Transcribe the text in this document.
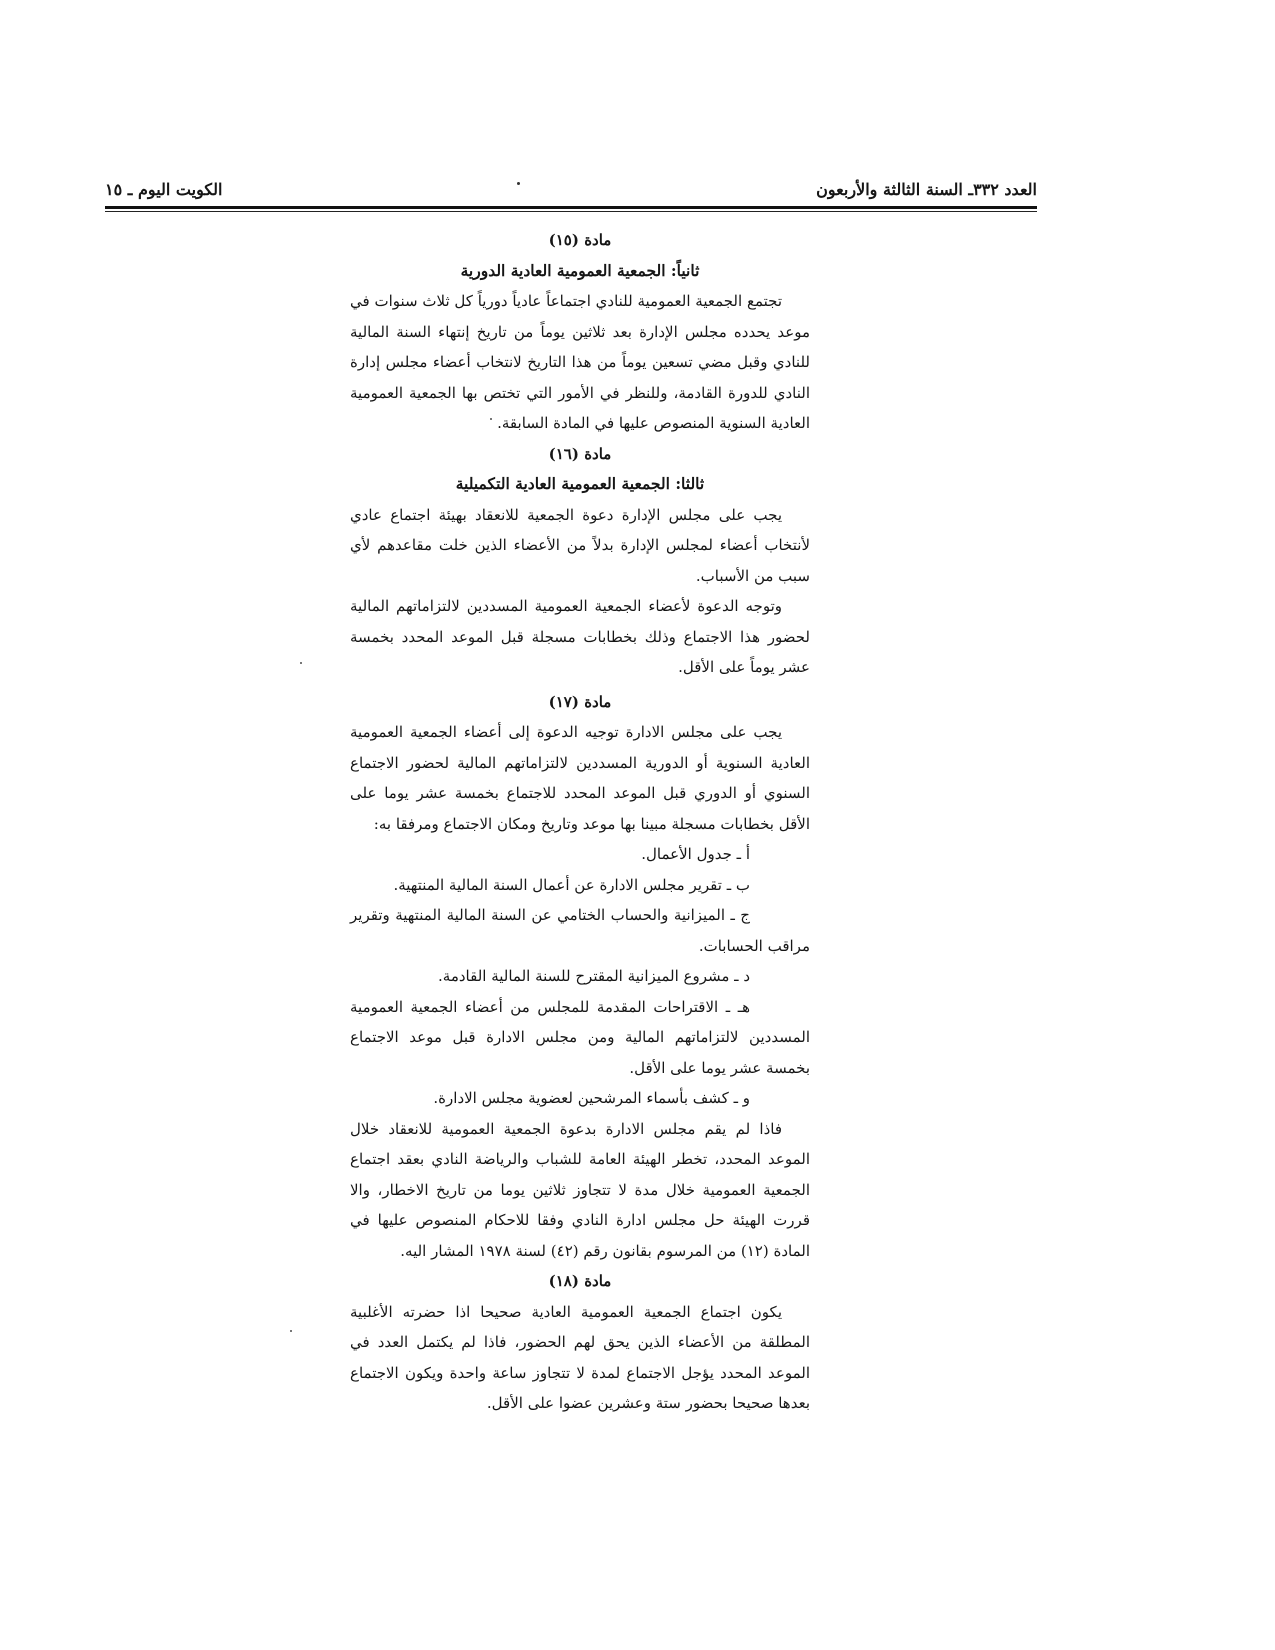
العدد ٣٣٢ـ السنة الثالثة والأربعون
الكويت اليوم ـ ١٥
مادة (١٥)
ثانياً: الجمعية العمومية العادية الدورية

تجتمع الجمعية العمومية للنادي اجتماعاً عادياً دورياً كل ثلاث سنوات في موعد يحدده مجلس الإدارة بعد ثلاثين يوماً من تاريخ إنتهاء السنة المالية للنادي وقبل مضي تسعين يوماً من هذا التاريخ لانتخاب أعضاء مجلس إدارة النادي للدورة القادمة، وللنظر في الأمور التي تختص بها الجمعية العمومية العادية السنوية المنصوص عليها في المادة السابقة.

مادة (١٦)
ثالثا: الجمعية العمومية العادية التكميلية

يجب على مجلس الإدارة دعوة الجمعية للانعقاد بهيئة اجتماع عادي لأنتخاب أعضاء لمجلس الإدارة بدلاً من الأعضاء الذين خلت مقاعدهم لأي سبب من الأسباب.

وتوجه الدعوة لأعضاء الجمعية العمومية المسددين لالتزاماتهم المالية لحضور هذا الاجتماع وذلك بخطابات مسجلة قبل الموعد المحدد بخمسة عشر يوماً على الأقل.

مادة (١٧)

يجب على مجلس الادارة توجيه الدعوة إلى أعضاء الجمعية العمومية العادية السنوية أو الدورية المسددين لالتزاماتهم المالية لحضور الاجتماع السنوي أو الدوري قبل الموعد المحدد للاجتماع بخمسة عشر يوما على الأقل بخطابات مسجلة مبينا بها موعد وتاريخ ومكان الاجتماع ومرفقا به:

أ ـ جدول الأعمال.

ب ـ تقرير مجلس الادارة عن أعمال السنة المالية المنتهية.

ج ـ الميزانية والحساب الختامي عن السنة المالية المنتهية وتقرير مراقب الحسابات.

د ـ مشروع الميزانية المقترح للسنة المالية القادمة.

هـ ـ الاقتراحات المقدمة للمجلس من أعضاء الجمعية العمومية المسددين لالتزاماتهم المالية ومن مجلس الادارة قبل موعد الاجتماع بخمسة عشر يوما على الأقل.

و ـ كشف بأسماء المرشحين لعضوية مجلس الادارة.

فاذا لم يقم مجلس الادارة بدعوة الجمعية العمومية للانعقاد خلال الموعد المحدد، تخطر الهيئة العامة للشباب والرياضة النادي بعقد اجتماع الجمعية العمومية خلال مدة لا تتجاوز ثلاثين يوما من تاريخ الاخطار، والا قررت الهيئة حل مجلس ادارة النادي وفقا للاحكام المنصوص عليها في المادة (١٢) من المرسوم بقانون رقم (٤٢) لسنة ١٩٧٨ المشار اليه.

مادة (١٨)

يكون اجتماع الجمعية العمومية العادية صحيحا اذا حضرته الأغلبية المطلقة من الأعضاء الذين يحق لهم الحضور، فاذا لم يكتمل العدد في الموعد المحدد يؤجل الاجتماع لمدة لا تتجاوز ساعة واحدة ويكون الاجتماع بعدها صحيحا بحضور ستة وعشرين عضوا على الأقل.
